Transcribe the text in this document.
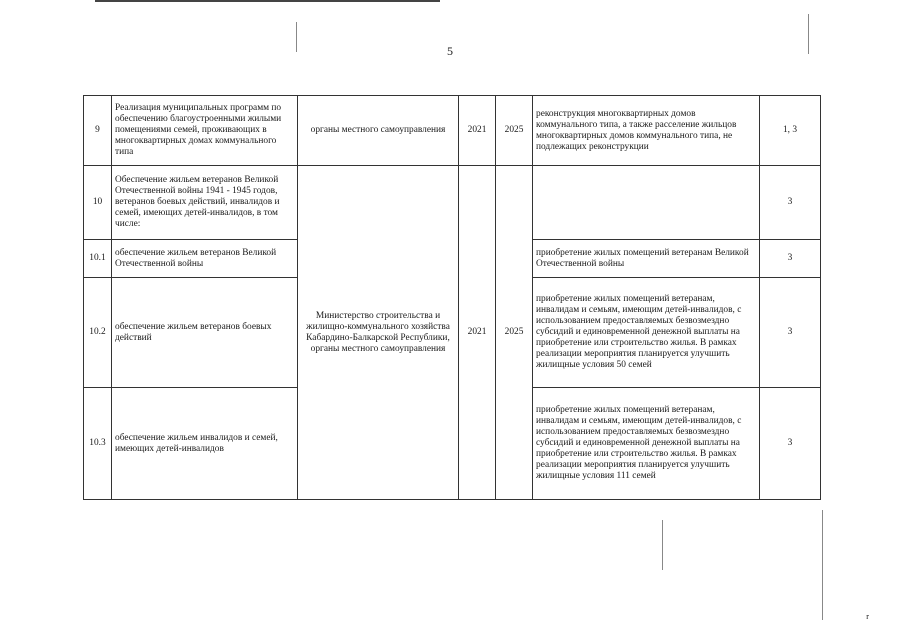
ʳ
5
9	Реализация муниципальных программ по обеспечению благоустроенными жилыми помещениями семей, проживающих в многоквартирных домах коммунального типа	органы местного самоуправления	2021	2025	реконструкция многоквартирных домов коммунального типа, а также расселение жильцов многоквартирных домов коммунального типа, не подлежащих реконструкции	1, 3
10	Обеспечение жильем ветеранов Великой Отечественной войны 1941 - 1945 годов, ветеранов боевых действий, инвалидов и семей, имеющих детей-инвалидов, в том числе:	Министерство строительства и жилищно-коммунального хозяйства Кабардино-Балкарской Республики, органы местного самоуправления	2021	2025		3
10.1	обеспечение жильем ветеранов Великой Отечественной войны				приобретение жилых помещений ветеранам Великой Отечественной войны	3
10.2	обеспечение жильем ветеранов боевых действий				приобретение жилых помещений ветеранам, инвалидам и семьям, имеющим детей-инвалидов, с использованием предоставляемых безвозмездно субсидий и единовременной денежной выплаты на приобретение или строительство жилья. В рамках реализации мероприятия планируется улучшить жилищные условия 50 семей	3
10.3	обеспечение жильем инвалидов и семей, имеющих детей-инвалидов				приобретение жилых помещений ветеранам, инвалидам и семьям, имеющим детей-инвалидов, с использованием предоставляемых безвозмездно субсидий и единовременной денежной выплаты на приобретение или строительство жилья. В рамках реализации мероприятия планируется улучшить жилищные условия 111 семей	3
